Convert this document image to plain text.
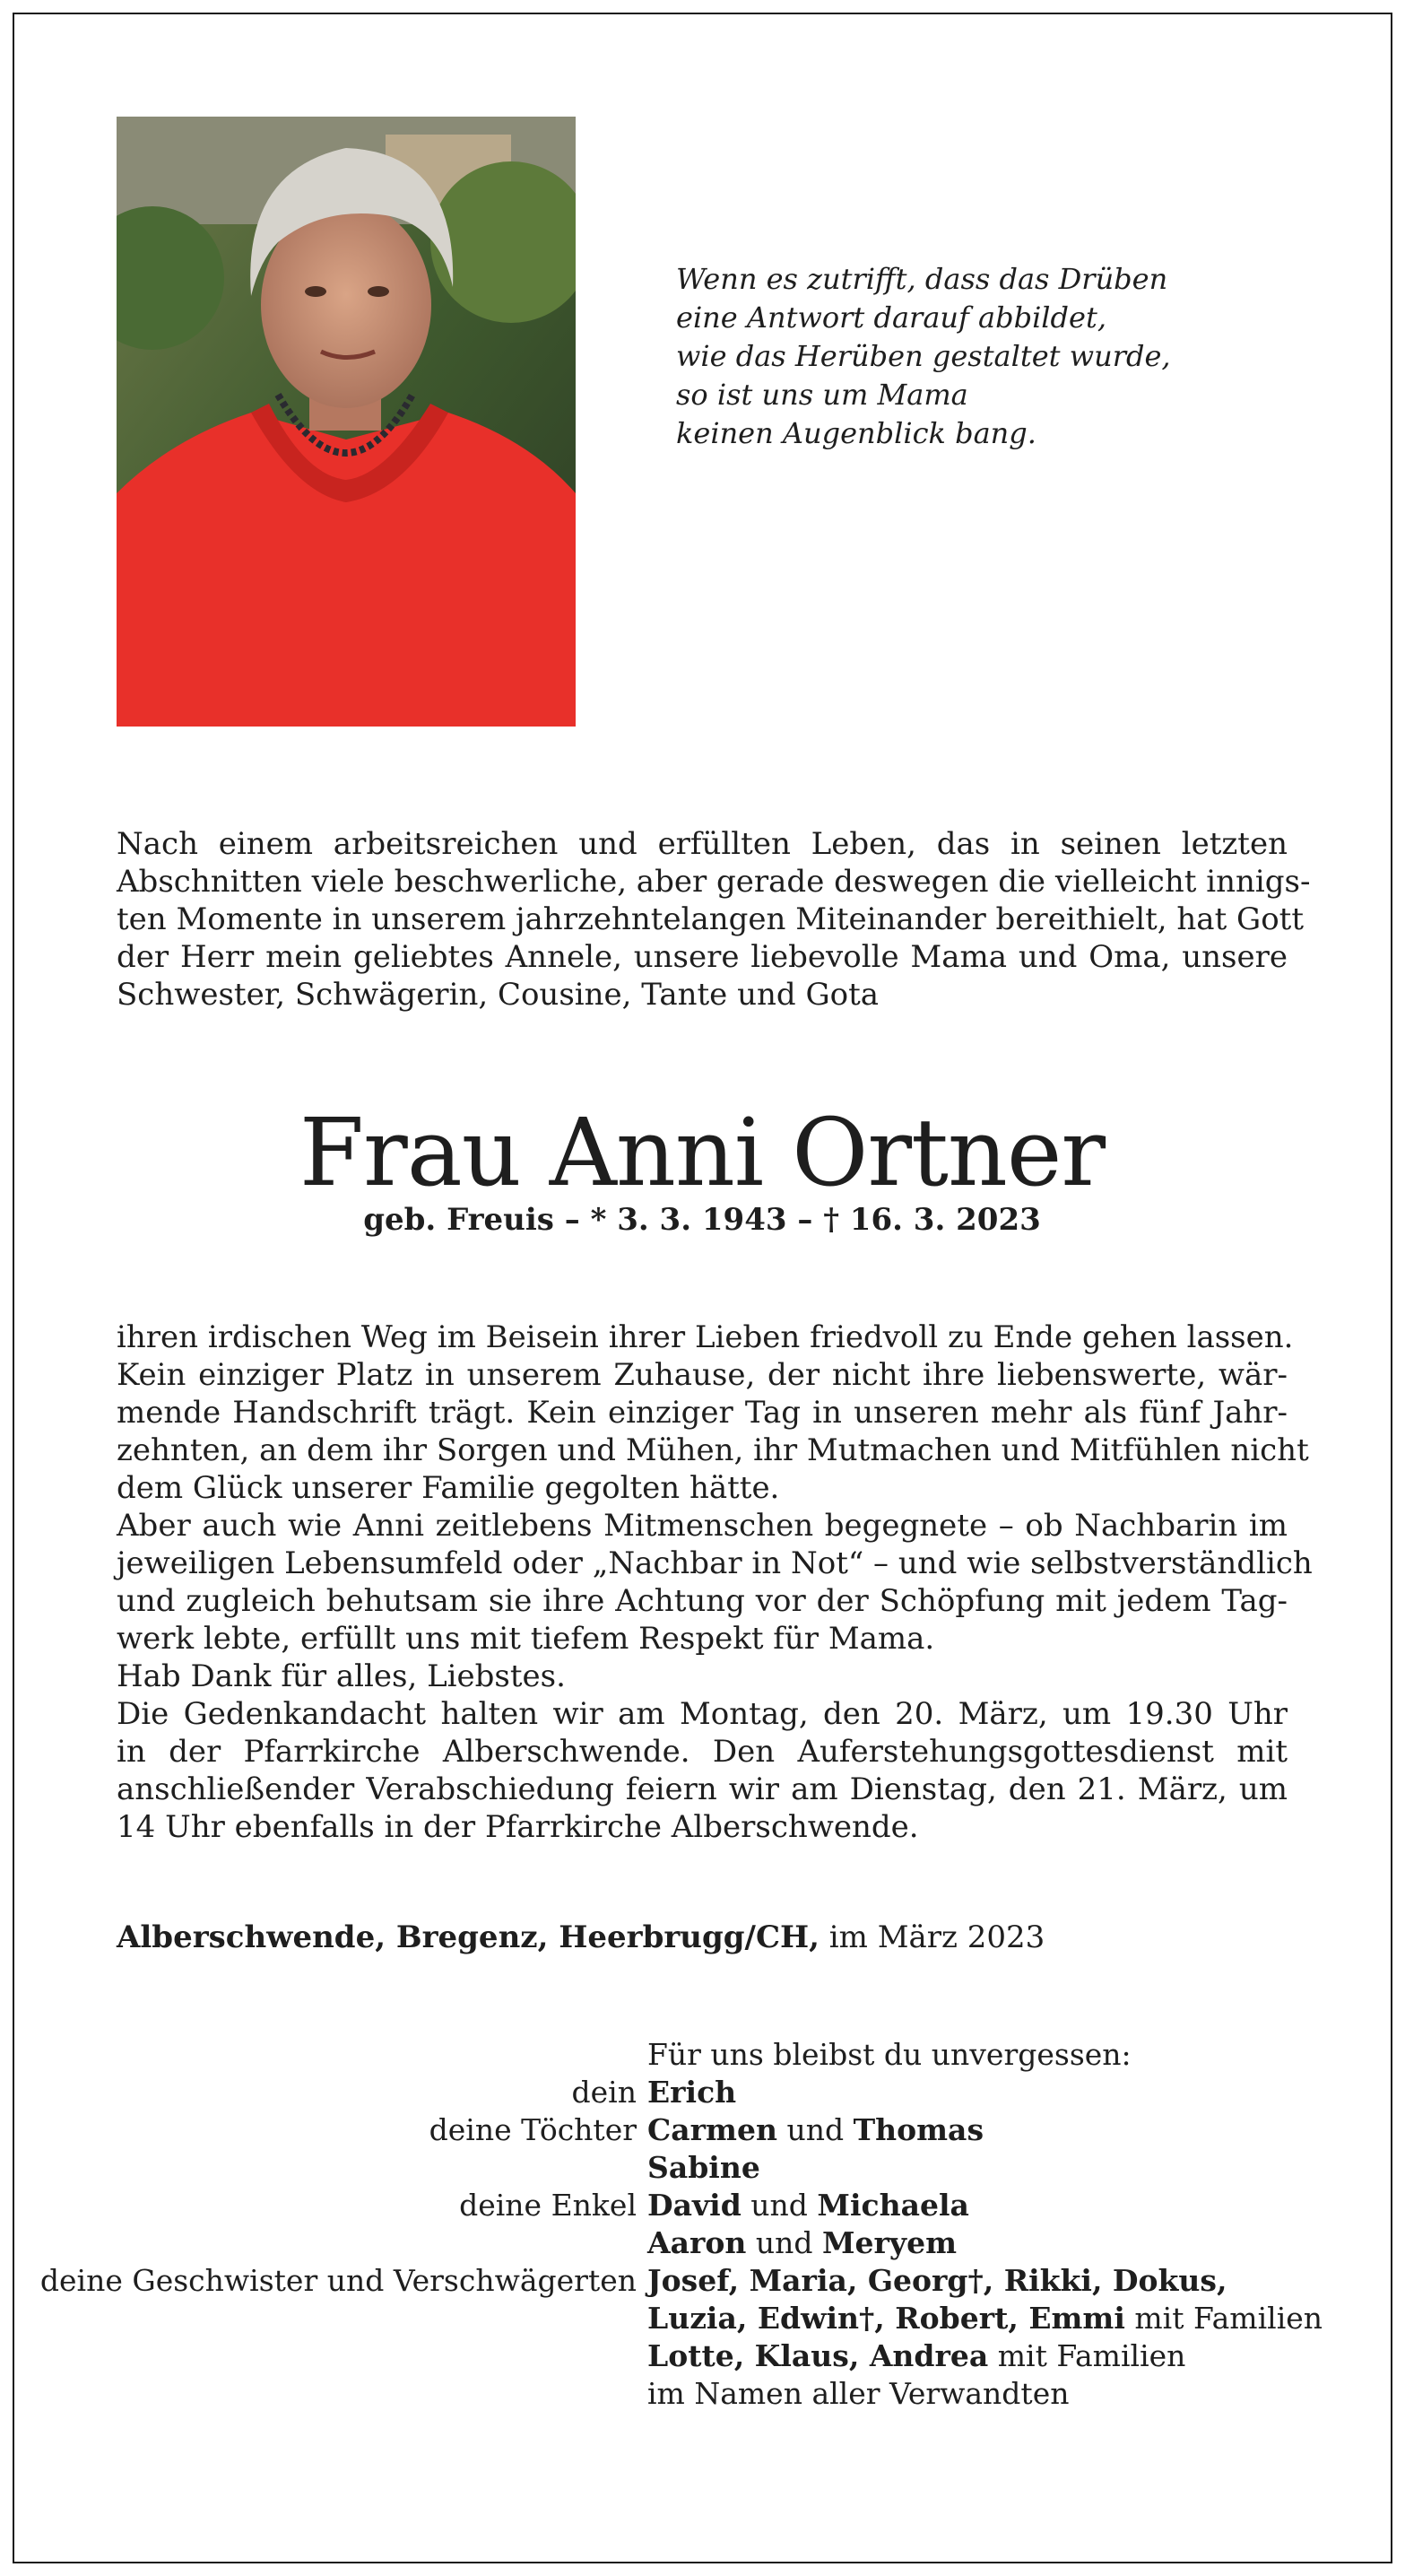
Wenn es zutrifft, dass das Drüben
eine Antwort darauf abbildet,
wie das Herüben gestaltet wurde,
so ist uns um Mama
keinen Augenblick bang.
Nach einem arbeitsreichen und erfüllten Leben, das in seinen letzten
Abschnitten viele beschwerliche, aber gerade deswegen die vielleicht innigs-
ten Momente in unserem jahrzehntelangen Miteinander bereithielt, hat Gott
der Herr mein geliebtes Annele, unsere liebevolle Mama und Oma, unsere
Schwester, Schwägerin, Cousine, Tante und Gota
Frau Anni Ortner
geb. Freuis – * 3. 3. 1943 – † 16. 3. 2023
ihren irdischen Weg im Beisein ihrer Lieben friedvoll zu Ende gehen lassen.
Kein einziger Platz in unserem Zuhause, der nicht ihre liebenswerte, wär-
mende Handschrift trägt. Kein einziger Tag in unseren mehr als fünf Jahr-
zehnten, an dem ihr Sorgen und Mühen, ihr Mutmachen und Mitfühlen nicht
dem Glück unserer Familie gegolten hätte.
Aber auch wie Anni zeitlebens Mitmenschen begegnete – ob Nachbarin im
jeweiligen Lebensumfeld oder „Nachbar in Not“ – und wie selbstverständlich
und zugleich behutsam sie ihre Achtung vor der Schöpfung mit jedem Tag-
werk lebte, erfüllt uns mit tiefem Respekt für Mama.
Hab Dank für alles, Liebstes.
Die Gedenkandacht halten wir am Montag, den 20. März, um 19.30 Uhr
in der Pfarrkirche Alberschwende. Den Auferstehungsgottesdienst mit
anschließender Verabschiedung feiern wir am Dienstag, den 21. März, um
14 Uhr ebenfalls in der Pfarrkirche Alberschwende.
Alberschwende, Bregenz, Heerbrugg/CH, im März 2023
dein
deine Töchter
deine Enkel
deine Geschwister und Verschwägerten
Für uns bleibst du unvergessen:
Erich
Carmen und Thomas
Sabine
David und Michaela
Aaron und Meryem
Josef, Maria, Georg†, Rikki, Dokus,
Luzia, Edwin†, Robert, Emmi mit Familien
Lotte, Klaus, Andrea mit Familien
im Namen aller Verwandten
